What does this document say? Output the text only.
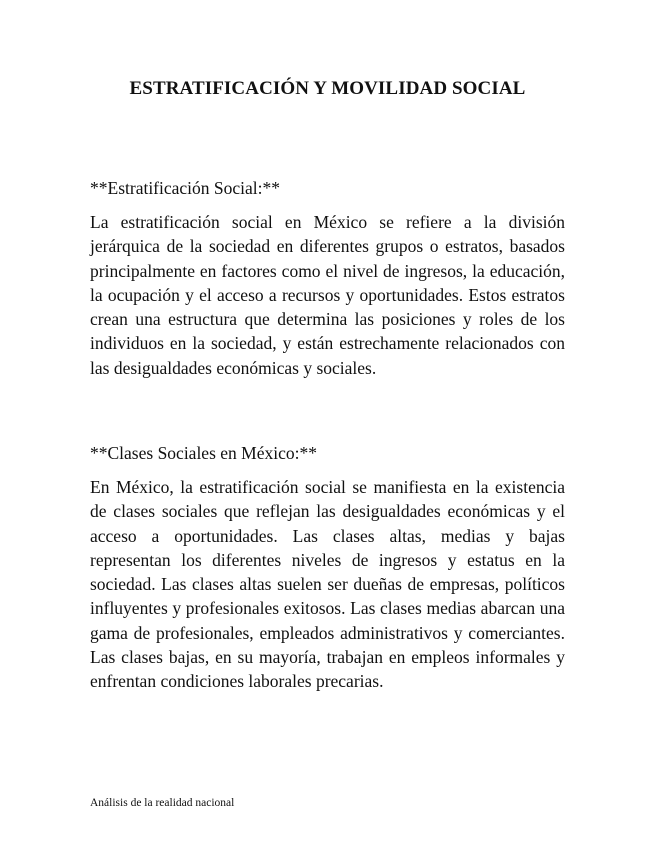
ESTRATIFICACIÓN Y MOVILIDAD SOCIAL

**Estratificación Social:**

La estratificación social en México se refiere a la división jerárquica de la sociedad en diferentes grupos o estratos, basados principalmente en factores como el nivel de ingresos, la educación, la ocupación y el acceso a recursos y oportunidades. Estos estratos crean una estructura que determina las posiciones y roles de los individuos en la sociedad, y están estrechamente relacionados con las desigualdades económicas y sociales.

**Clases Sociales en México:**

En México, la estratificación social se manifiesta en la existencia de clases sociales que reflejan las desigualdades económicas y el acceso a oportunidades. Las clases altas, medias y bajas representan los diferentes niveles de ingresos y estatus en la sociedad. Las clases altas suelen ser dueñas de empresas, políticos influyentes y profesionales exitosos. Las clases medias abarcan una gama de profesionales, empleados administrativos y comerciantes. Las clases bajas, en su mayoría, trabajan en empleos informales y enfrentan condiciones laborales precarias.

Análisis de la realidad nacional
